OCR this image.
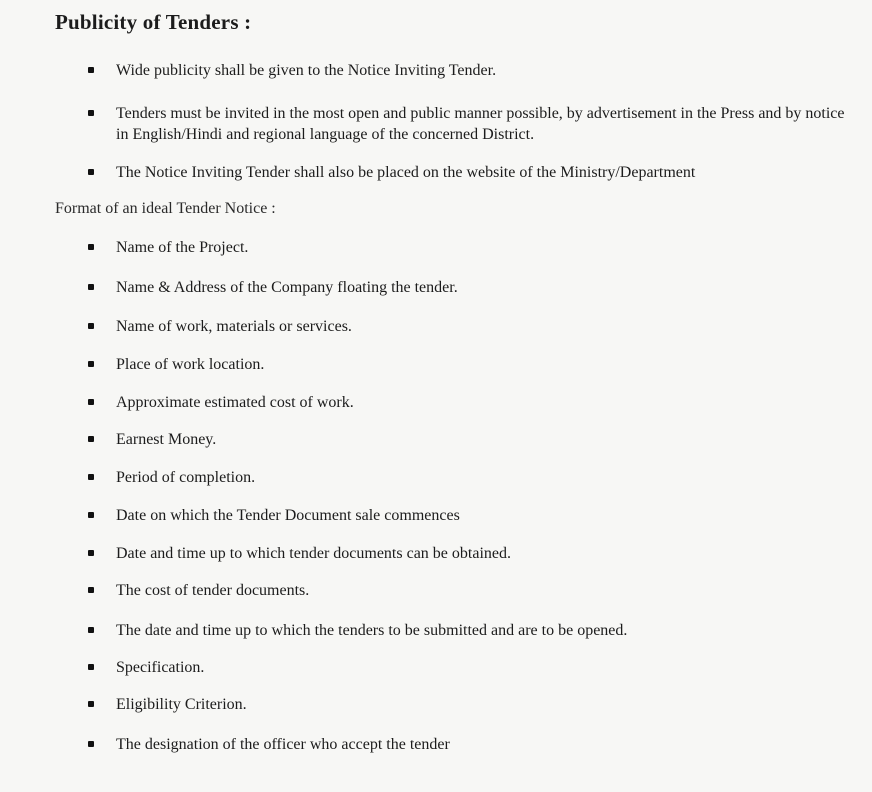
Publicity of Tenders :
Wide publicity shall be given to the Notice Inviting Tender.
Tenders must be invited in the most open and public manner possible, by advertisement in the Press and by notice in English/Hindi and regional language of the concerned District.
The Notice Inviting Tender shall also be placed on the website of the Ministry/Department
Format of an ideal Tender Notice :
Name of the Project.
Name & Address of the Company floating the tender.
Name of work, materials or services.
Place of work location.
Approximate estimated cost of work.
Earnest Money.
Period of completion.
Date on which the Tender Document sale commences
Date and time up to which tender documents can be obtained.
The cost of tender documents.
The date and time up to which the tenders to be submitted and are to be opened.
Specification.
Eligibility Criterion.
The designation of the officer who accept the tender
